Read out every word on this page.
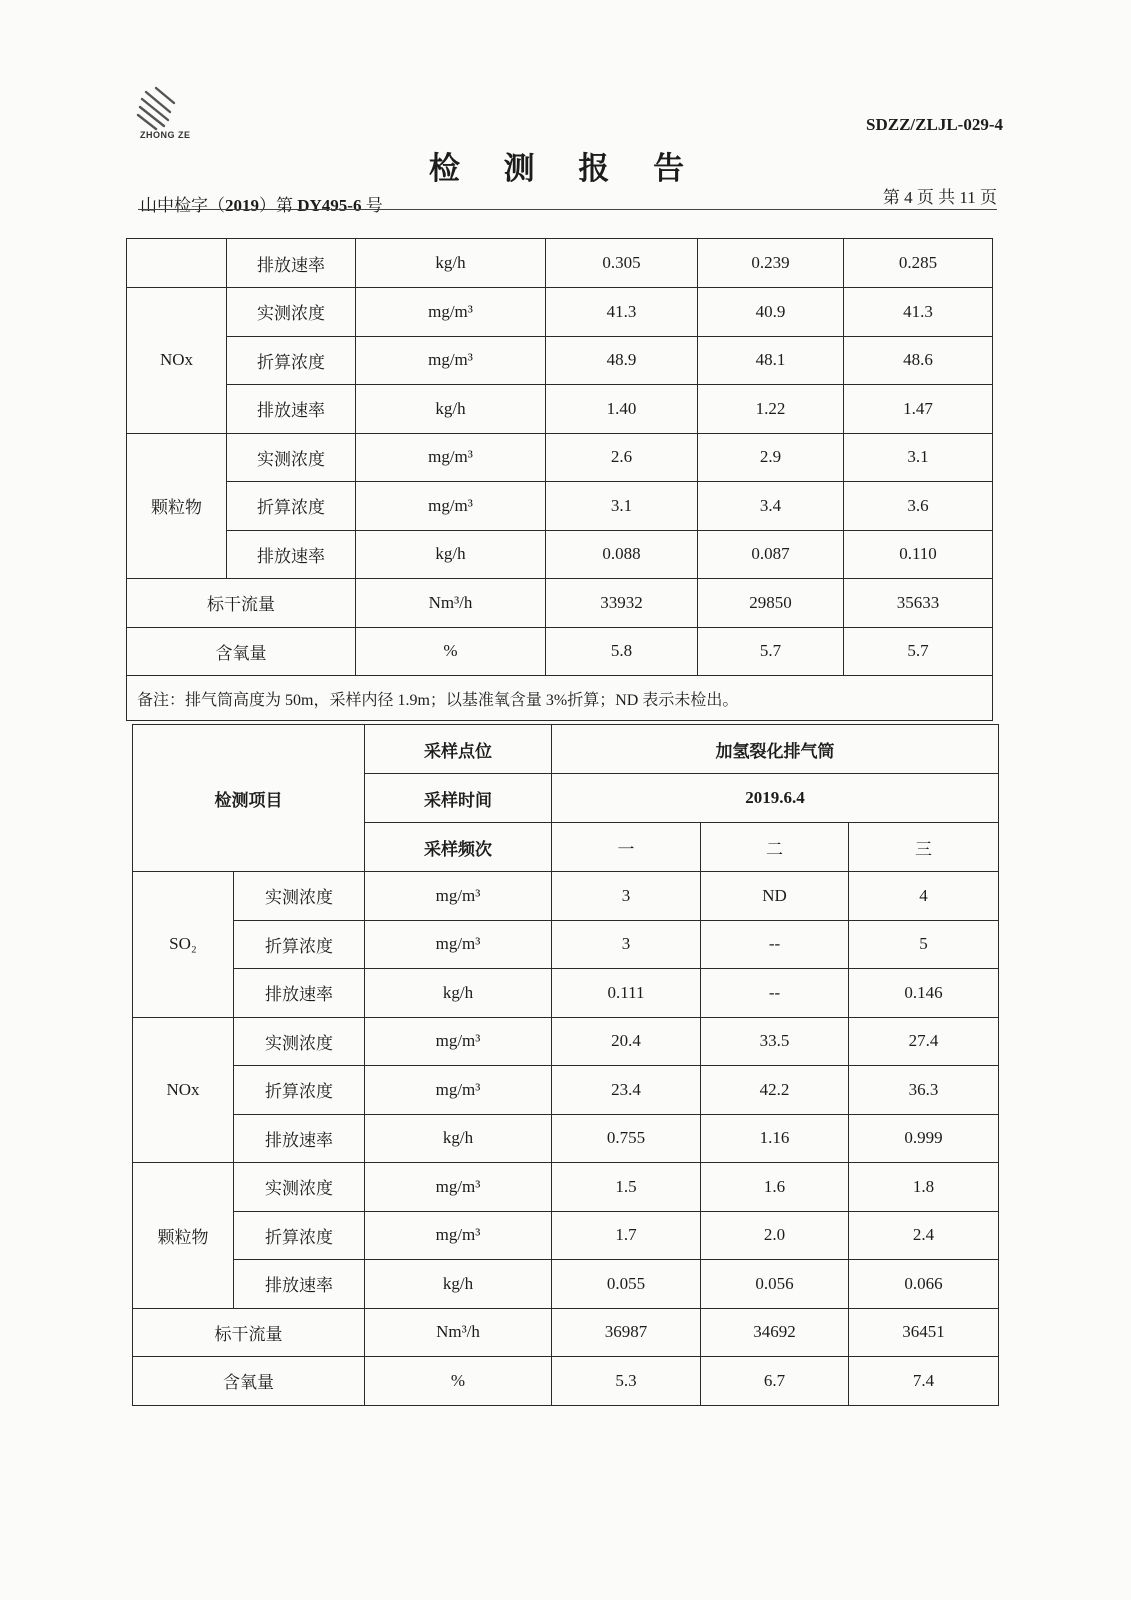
ZHONG ZE
SDZZ/ZLJL-029-4
检 测 报 告
山中检字（2019）第 DY495-6 号	第 4 页 共 11 页
	排放速率	kg/h	0.305	0.239	0.285
NOx	实测浓度	mg/m³	41.3	40.9	41.3
	折算浓度	mg/m³	48.9	48.1	48.6
	排放速率	kg/h	1.40	1.22	1.47
颗粒物	实测浓度	mg/m³	2.6	2.9	3.1
	折算浓度	mg/m³	3.1	3.4	3.6
	排放速率	kg/h	0.088	0.087	0.110
标干流量		Nm³/h	33932	29850	35633
含氧量		%	5.8	5.7	5.7
备注：排气筒高度为 50m，采样内径 1.9m；以基准氧含量 3%折算；ND 表示未检出。					
检测项目		采样点位	加氢裂化排气筒		
		采样时间	2019.6.4		
		采样频次	一	二	三
SO₂	实测浓度	mg/m³	3	ND	4
	折算浓度	mg/m³	3	--	5
	排放速率	kg/h	0.111	--	0.146
NOx	实测浓度	mg/m³	20.4	33.5	27.4
	折算浓度	mg/m³	23.4	42.2	36.3
	排放速率	kg/h	0.755	1.16	0.999
颗粒物	实测浓度	mg/m³	1.5	1.6	1.8
	折算浓度	mg/m³	1.7	2.0	2.4
	排放速率	kg/h	0.055	0.056	0.066
标干流量		Nm³/h	36987	34692	36451
含氧量		%	5.3	6.7	7.4
